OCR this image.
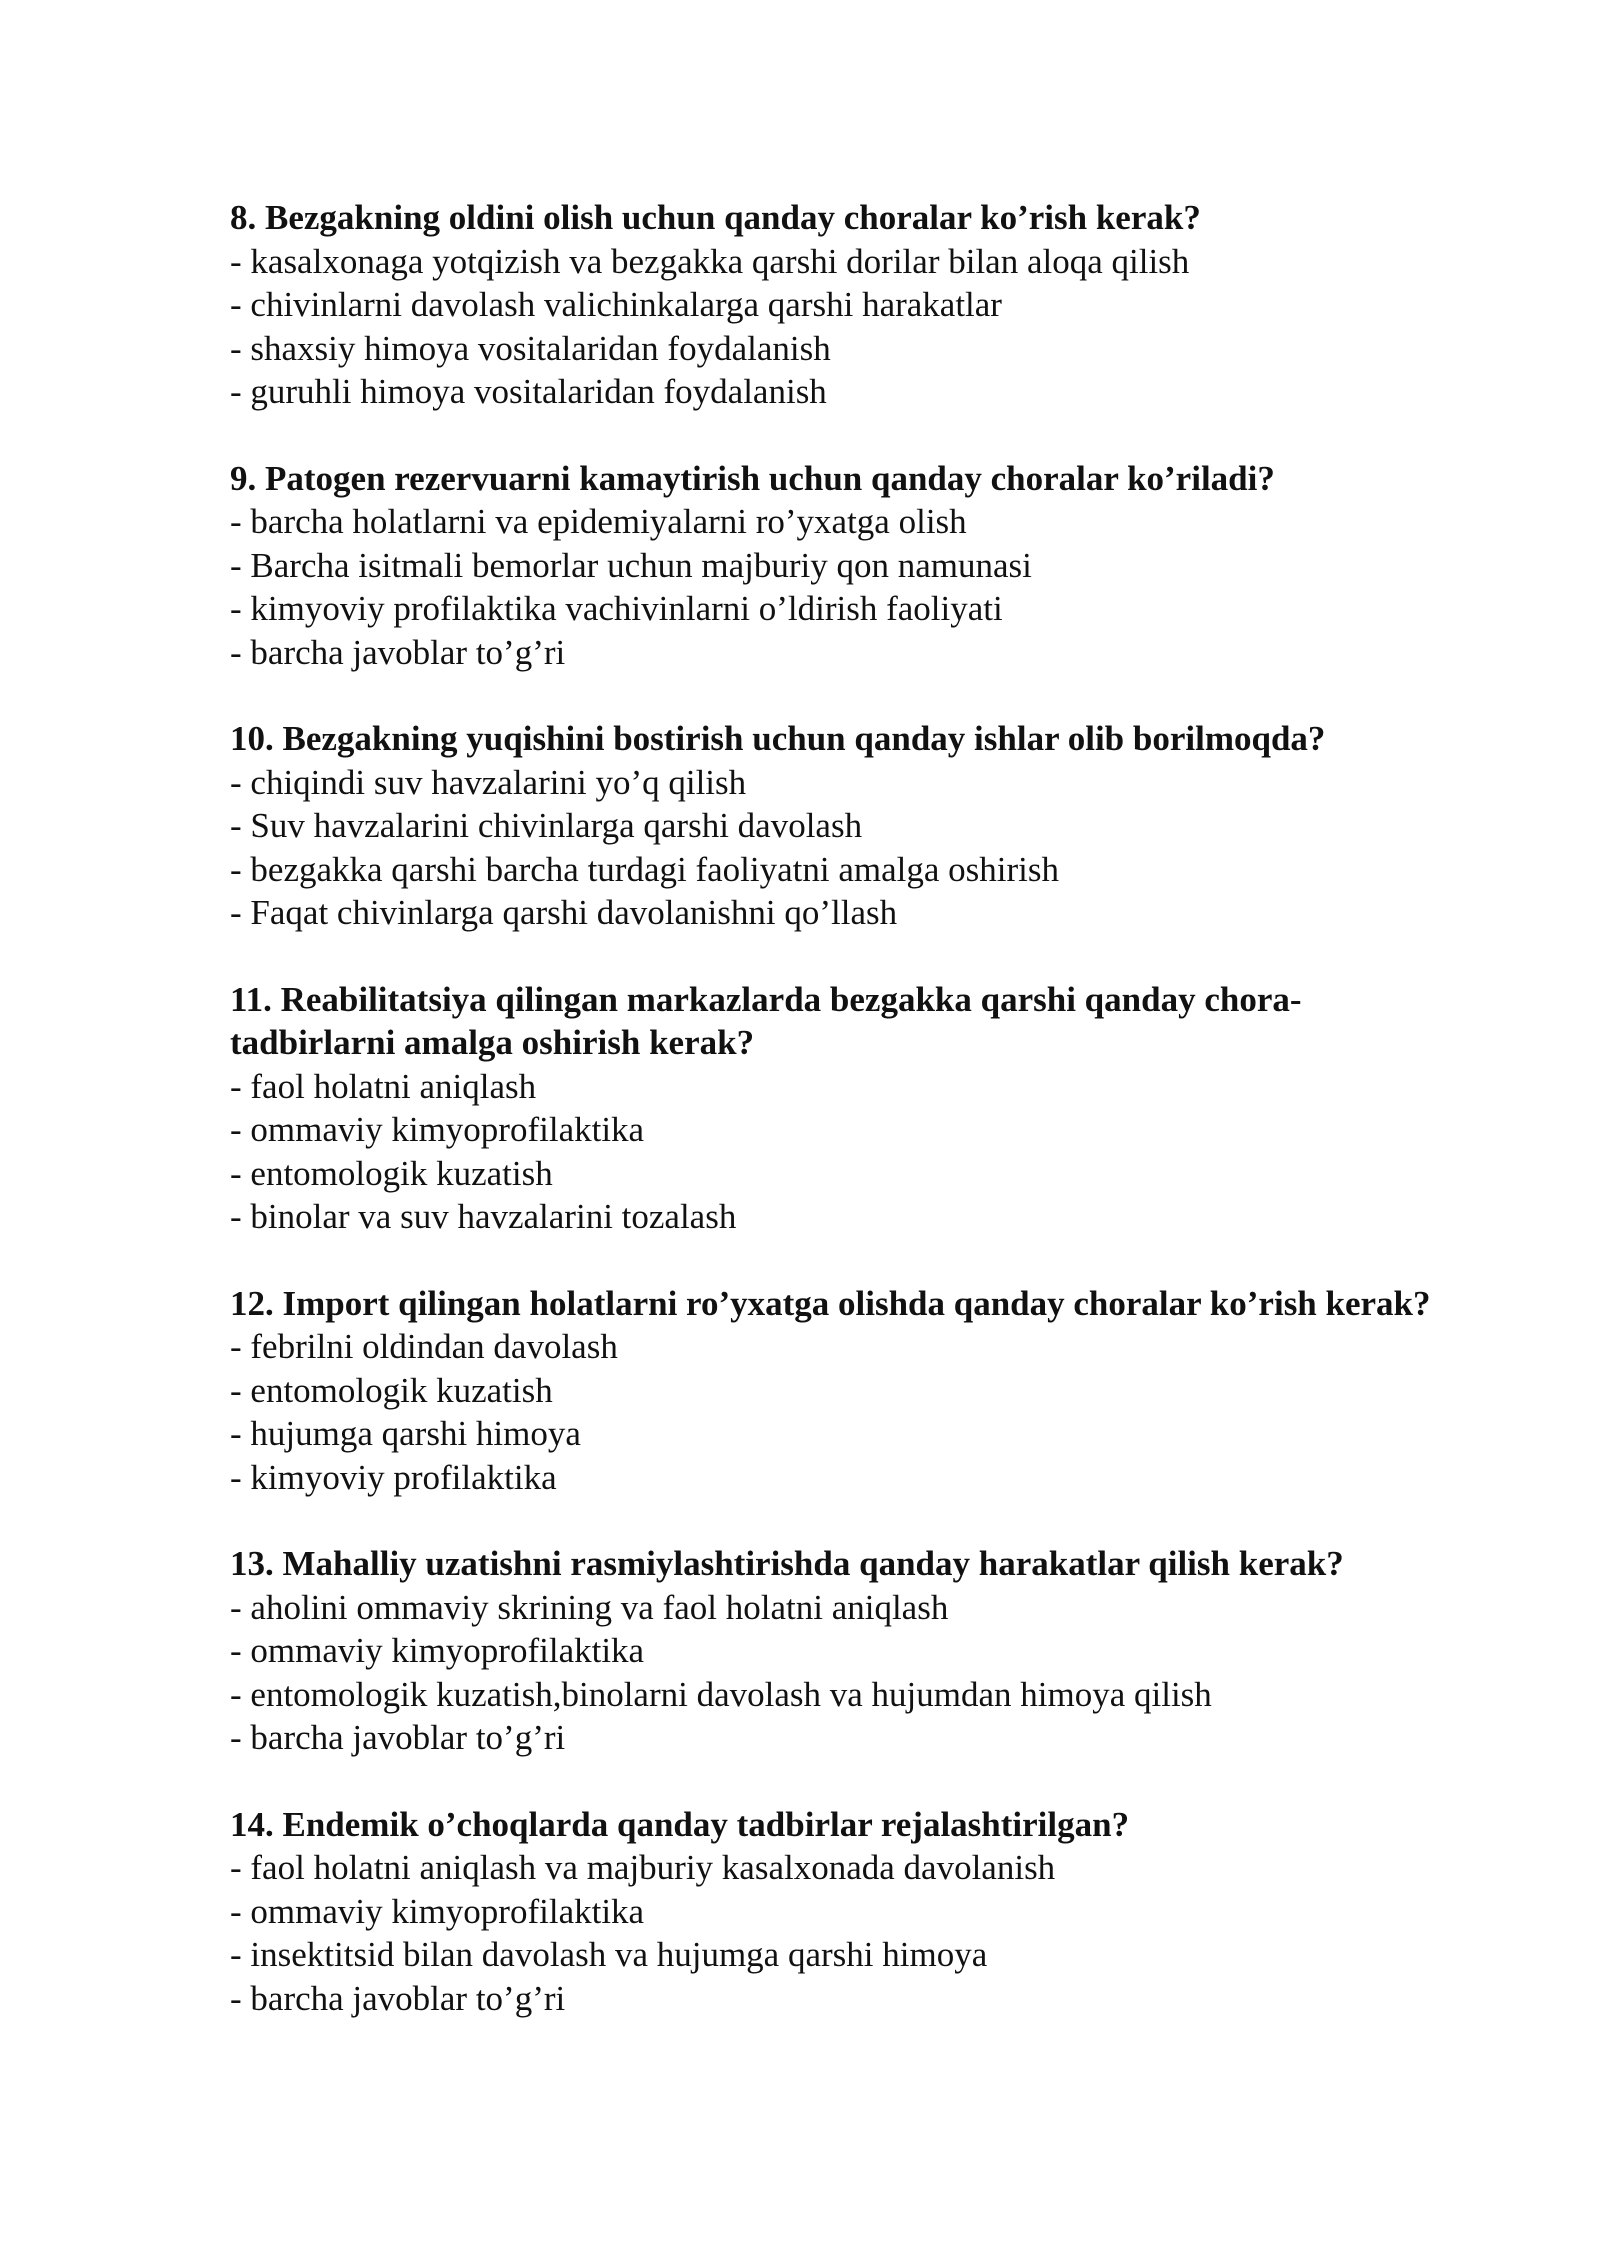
8. Bezgakning oldini olish uchun qanday choralar ko’rish kerak?

- kasalxonaga yotqizish va bezgakka qarshi dorilar bilan aloqa qilish
- chivinlarni davolash valichinkalarga qarshi harakatlar
- shaxsiy himoya vositalaridan foydalanish
- guruhli himoya vositalaridan foydalanish

9. Patogen rezervuarni kamaytirish uchun qanday choralar ko’riladi?

- barcha holatlarni va epidemiyalarni ro’yxatga olish
- Barcha isitmali bemorlar uchun majburiy qon namunasi
- kimyoviy profilaktika vachivinlarni o’ldirish faoliyati
- barcha javoblar to’g’ri

10. Bezgakning yuqishini bostirish uchun qanday ishlar olib borilmoqda?

- chiqindi suv havzalarini yo’q qilish
- Suv havzalarini chivinlarga qarshi davolash
- bezgakka qarshi barcha turdagi faoliyatni amalga oshirish
- Faqat chivinlarga qarshi davolanishni qo’llash

11. Reabilitatsiya qilingan markazlarda bezgakka qarshi qanday chora-tadbirlarni amalga oshirish kerak?

- faol holatni aniqlash
- ommaviy kimyoprofilaktika
- entomologik kuzatish
- binolar va suv havzalarini tozalash

12. Import qilingan holatlarni ro’yxatga olishda qanday choralar ko’rish kerak?

- febrilni oldindan davolash
- entomologik kuzatish
- hujumga qarshi himoya
- kimyoviy profilaktika

13. Mahalliy uzatishni rasmiylashtirishda qanday harakatlar qilish kerak?

- aholini ommaviy skrining va faol holatni aniqlash
- ommaviy kimyoprofilaktika
- entomologik kuzatish,binolarni davolash va hujumdan himoya qilish
- barcha javoblar to’g’ri

14. Endemik o’choqlarda qanday tadbirlar rejalashtirilgan?

- faol holatni aniqlash va majburiy kasalxonada davolanish
- ommaviy kimyoprofilaktika
- insektitsid bilan davolash va hujumga qarshi himoya
- barcha javoblar to’g’ri
